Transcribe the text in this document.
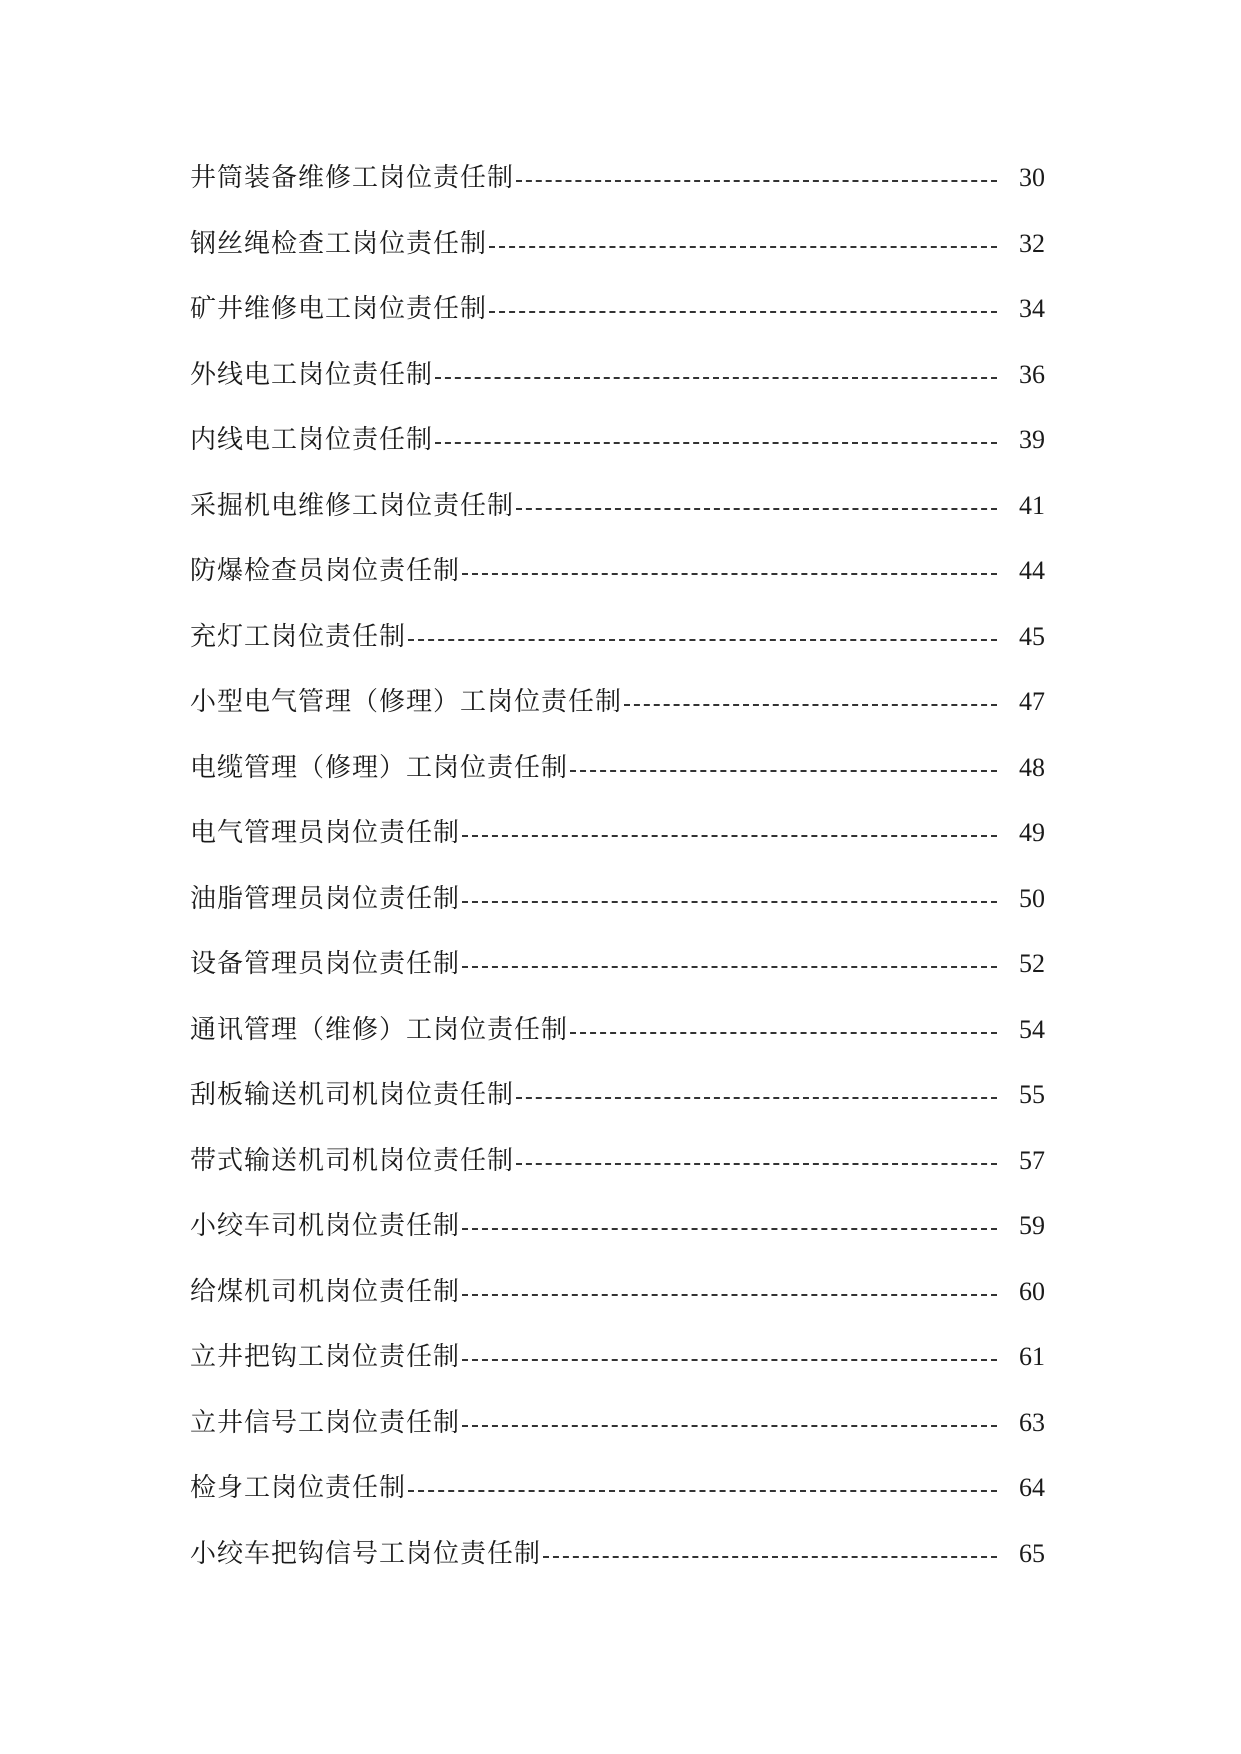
井筒装备维修工岗位责任制	30
钢丝绳检查工岗位责任制	32
矿井维修电工岗位责任制	34
外线电工岗位责任制	36
内线电工岗位责任制	39
采掘机电维修工岗位责任制	41
防爆检查员岗位责任制	44
充灯工岗位责任制	45
小型电气管理（修理）工岗位责任制	47
电缆管理（修理）工岗位责任制	48
电气管理员岗位责任制	49
油脂管理员岗位责任制	50
设备管理员岗位责任制	52
通讯管理（维修）工岗位责任制	54
刮板输送机司机岗位责任制	55
带式输送机司机岗位责任制	57
小绞车司机岗位责任制	59
给煤机司机岗位责任制	60
立井把钩工岗位责任制	61
立井信号工岗位责任制	63
检身工岗位责任制	64
小绞车把钩信号工岗位责任制	65
